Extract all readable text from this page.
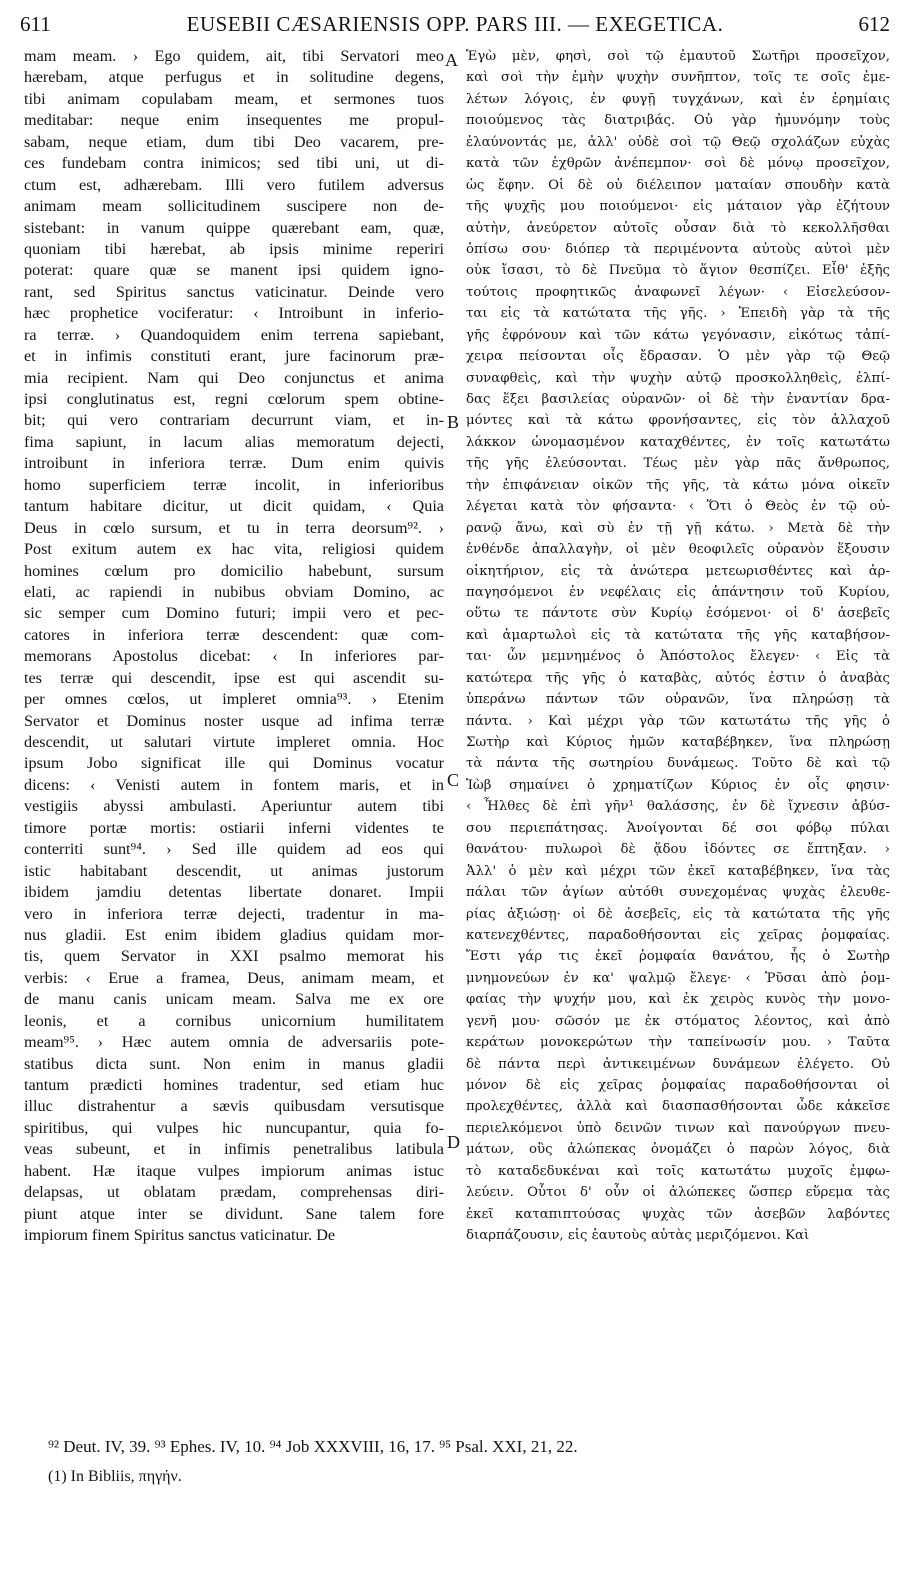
611	EUSEBII CÆSARIENSIS OPP. PARS III. — EXEGETICA.	612
mam meam. › Ego quidem, ait, tibi Servatori meo
hærebam, atque perfugus et in solitudine degens,
tibi animam copulabam meam, et sermones tuos
meditabar: neque enim insequentes me propul-
sabam, neque etiam, dum tibi Deo vacarem, pre-
ces fundebam contra inimicos; sed tibi uni, ut di-
ctum est, adhærebam. Illi vero futilem adversus
animam meam sollicitudinem suscipere non de-
sistebant: in vanum quippe quærebant eam, quæ,
quoniam tibi hærebat, ab ipsis minime reperiri
poterat: quare quæ se manent ipsi quidem igno-
rant, sed Spiritus sanctus vaticinatur. Deinde vero
hæc prophetice vociferatur: ‹ Introibunt in inferio-
ra terræ. › Quandoquidem enim terrena sapiebant,
et in infimis constituti erant, jure facinorum præ-
mia recipient. Nam qui Deo conjunctus et anima
ipsi conglutinatus est, regni cœlorum spem obtine-
bit; qui vero contrariam decurrunt viam, et in-
fima sapiunt, in lacum alias memoratum dejecti,
introibunt in inferiora terræ. Dum enim quivis
homo superficiem terræ incolit, in inferioribus
tantum habitare dicitur, ut dicit quidam, ‹ Quia
Deus in cœlo sursum, et tu in terra deorsum⁹². ›
Post exitum autem ex hac vita, religiosi quidem
homines cœlum pro domicilio habebunt, sursum
elati, ac rapiendi in nubibus obviam Domino, ac
sic semper cum Domino futuri; impii vero et pec-
catores in inferiora terræ descendent: quæ com-
memorans Apostolus dicebat: ‹ In inferiores par-
tes terræ qui descendit, ipse est qui ascendit su-
per omnes cœlos, ut impleret omnia⁹³. › Etenim
Servator et Dominus noster usque ad infima terræ
descendit, ut salutari virtute impleret omnia. Hoc
ipsum Jobo significat ille qui Dominus vocatur
dicens: ‹ Venisti autem in fontem maris, et in
vestigiis abyssi ambulasti. Aperiuntur autem tibi
timore portæ mortis: ostiarii inferni videntes te
conterriti sunt⁹⁴. › Sed ille quidem ad eos qui
istic habitabant descendit, ut animas justorum
ibidem jamdiu detentas libertate donaret. Impii
vero in inferiora terræ dejecti, tradentur in ma-
nus gladii. Est enim ibidem gladius quidam mor-
tis, quem Servator in XXI psalmo memorat his
verbis: ‹ Erue a framea, Deus, animam meam, et
de manu canis unicam meam. Salva me ex ore
leonis, et a cornibus unicornium humilitatem
meam⁹⁵. › Hæc autem omnia de adversariis pote-
statibus dicta sunt. Non enim in manus gladii
tantum prædicti homines tradentur, sed etiam huc
illuc distrahentur a sævis quibusdam versutisque
spiritibus, qui vulpes hic nuncupantur, quia fo-
veas subeunt, et in infimis penetralibus latibula
habent. Hæ itaque vulpes impiorum animas istuc
delapsas, ut oblatam prædam, comprehensas diri-
piunt atque inter se dividunt. Sane talem fore
impiorum finem Spiritus sanctus vaticinatur. De
A
B
C
D
Ἐγὼ μὲν, φησὶ, σοὶ τῷ ἐμαυτοῦ Σωτῆρι προσεῖχον,
καὶ σοὶ τὴν ἐμὴν ψυχὴν συνῆπτον, τοῖς τε σοῖς ἐμε-
λέτων λόγοις, ἐν φυγῇ τυγχάνων, καὶ ἐν ἐρημίαις
ποιούμενος τὰς διατριβάς. Οὐ γὰρ ἠμυνόμην τοὺς
ἐλαύνοντάς με, ἀλλ' οὐδὲ σοὶ τῷ Θεῷ σχολάζων εὐχὰς
κατὰ τῶν ἐχθρῶν ἀνέπεμπον· σοὶ δὲ μόνῳ προσεῖχον,
ὡς ἔφην. Οἱ δὲ οὐ διέλειπον ματαίαν σπουδὴν κατὰ
τῆς ψυχῆς μου ποιούμενοι· εἰς μάταιον γὰρ ἐζήτουν
αὐτὴν, ἀνεύρετον αὐτοῖς οὖσαν διὰ τὸ κεκολλῆσθαι
ὀπίσω σου· διόπερ τὰ περιμένοντα αὐτοὺς αὐτοὶ μὲν
οὐκ ἴσασι, τὸ δὲ Πνεῦμα τὸ ἅγιον θεσπίζει. Εἶθ' ἑξῆς
τούτοις προφητικῶς ἀναφωνεῖ λέγων· ‹ Εἰσελεύσον-
ται εἰς τὰ κατώτατα τῆς γῆς. › Ἐπειδὴ γὰρ τὰ τῆς
γῆς ἐφρόνουν καὶ τῶν κάτω γεγόνασιν, εἰκότως τἀπί-
χειρα πείσονται οἷς ἔδρασαν. Ὁ μὲν γὰρ τῷ Θεῷ
συναφθεὶς, καὶ τὴν ψυχὴν αὐτῷ προσκολληθεὶς, ἐλπί-
δας ἕξει βασιλείας οὐρανῶν· οἱ δὲ τὴν ἐναντίαν δρα-
μόντες καὶ τὰ κάτω φρονήσαντες, εἰς τὸν ἀλλαχοῦ
λάκκον ὠνομασμένον καταχθέντες, ἐν τοῖς κατωτάτω
τῆς γῆς ἐλεύσονται. Τέως μὲν γὰρ πᾶς ἄνθρωπος,
τὴν ἐπιφάνειαν οἰκῶν τῆς γῆς, τὰ κάτω μόνα οἰκεῖν
λέγεται κατὰ τὸν φήσαντα· ‹ Ὅτι ὁ Θεὸς ἐν τῷ οὐ-
ρανῷ ἄνω, καὶ σὺ ἐν τῇ γῇ κάτω. › Μετὰ δὲ τὴν
ἐνθένδε ἀπαλλαγὴν, οἱ μὲν θεοφιλεῖς οὐρανὸν ἕξουσιν
οἰκητήριον, εἰς τὰ ἀνώτερα μετεωρισθέντες καὶ ἁρ-
παγησόμενοι ἐν νεφέλαις εἰς ἀπάντησιν τοῦ Κυρίου,
οὕτω τε πάντοτε σὺν Κυρίῳ ἐσόμενοι· οἱ δ' ἀσεβεῖς
καὶ ἁμαρτωλοὶ εἰς τὰ κατώτατα τῆς γῆς καταβήσον-
ται· ὧν μεμνημένος ὁ Ἀπόστολος ἔλεγεν· ‹ Εἰς τὰ
κατώτερα τῆς γῆς ὁ καταβὰς, αὐτός ἐστιν ὁ ἀναβὰς
ὑπεράνω πάντων τῶν οὐρανῶν, ἵνα πληρώσῃ τὰ
πάντα. › Καὶ μέχρι γὰρ τῶν κατωτάτω τῆς γῆς ὁ
Σωτὴρ καὶ Κύριος ἡμῶν καταβέβηκεν, ἵνα πληρώσῃ
τὰ πάντα τῆς σωτηρίου δυνάμεως. Τοῦτο δὲ καὶ τῷ
Ἰὼβ σημαίνει ὁ χρηματίζων Κύριος ἐν οἷς φησιν·
‹ Ἦλθες δὲ ἐπὶ γῆν¹ θαλάσσης, ἐν δὲ ἴχνεσιν ἀβύσ-
σου περιεπάτησας. Ἀνοίγονται δέ σοι φόβῳ πύλαι
θανάτου· πυλωροὶ δὲ ᾅδου ἰδόντες σε ἔπτηξαν. ›
Ἀλλ' ὁ μὲν καὶ μέχρι τῶν ἐκεῖ καταβέβηκεν, ἵνα τὰς
πάλαι τῶν ἁγίων αὐτόθι συνεχομένας ψυχὰς ἐλευθε-
ρίας ἀξιώσῃ· οἱ δὲ ἀσεβεῖς, εἰς τὰ κατώτατα τῆς γῆς
κατενεχθέντες, παραδοθήσονται εἰς χεῖρας ῥομφαίας.
Ἔστι γάρ τις ἐκεῖ ῥομφαία θανάτου, ἧς ὁ Σωτὴρ
μνημονεύων ἐν κα' ψαλμῷ ἔλεγε· ‹ Ῥῦσαι ἀπὸ ῥομ-
φαίας τὴν ψυχήν μου, καὶ ἐκ χειρὸς κυνὸς τὴν μονο-
γενῆ μου· σῶσόν με ἐκ στόματος λέοντος, καὶ ἀπὸ
κεράτων μονοκερώτων τὴν ταπείνωσίν μου. › Ταῦτα
δὲ πάντα περὶ ἀντικειμένων δυνάμεων ἐλέγετο. Οὐ
μόνον δὲ εἰς χεῖρας ῥομφαίας παραδοθήσονται οἱ
προλεχθέντες, ἀλλὰ καὶ διασπασθήσονται ὧδε κἀκεῖσε
περιελκόμενοι ὑπὸ δεινῶν τινων καὶ πανούργων πνευ-
μάτων, οὓς ἀλώπεκας ὀνομάζει ὁ παρὼν λόγος, διὰ
τὸ καταδεδυκέναι καὶ τοῖς κατωτάτω μυχοῖς ἐμφω-
λεύειν. Οὗτοι δ' οὖν οἱ ἀλώπεκες ὥσπερ εὕρεμα τὰς
ἐκεῖ καταπιπτούσας ψυχὰς τῶν ἀσεβῶν λαβόντες
διαρπάζουσιν, εἰς ἑαυτοὺς αὐτὰς μεριζόμενοι. Καὶ
⁹² Deut. IV, 39. ⁹³ Ephes. IV, 10. ⁹⁴ Job XXXVIII, 16, 17. ⁹⁵ Psal. XXI, 21, 22.
(1) In Bibliis, πηγήν.
